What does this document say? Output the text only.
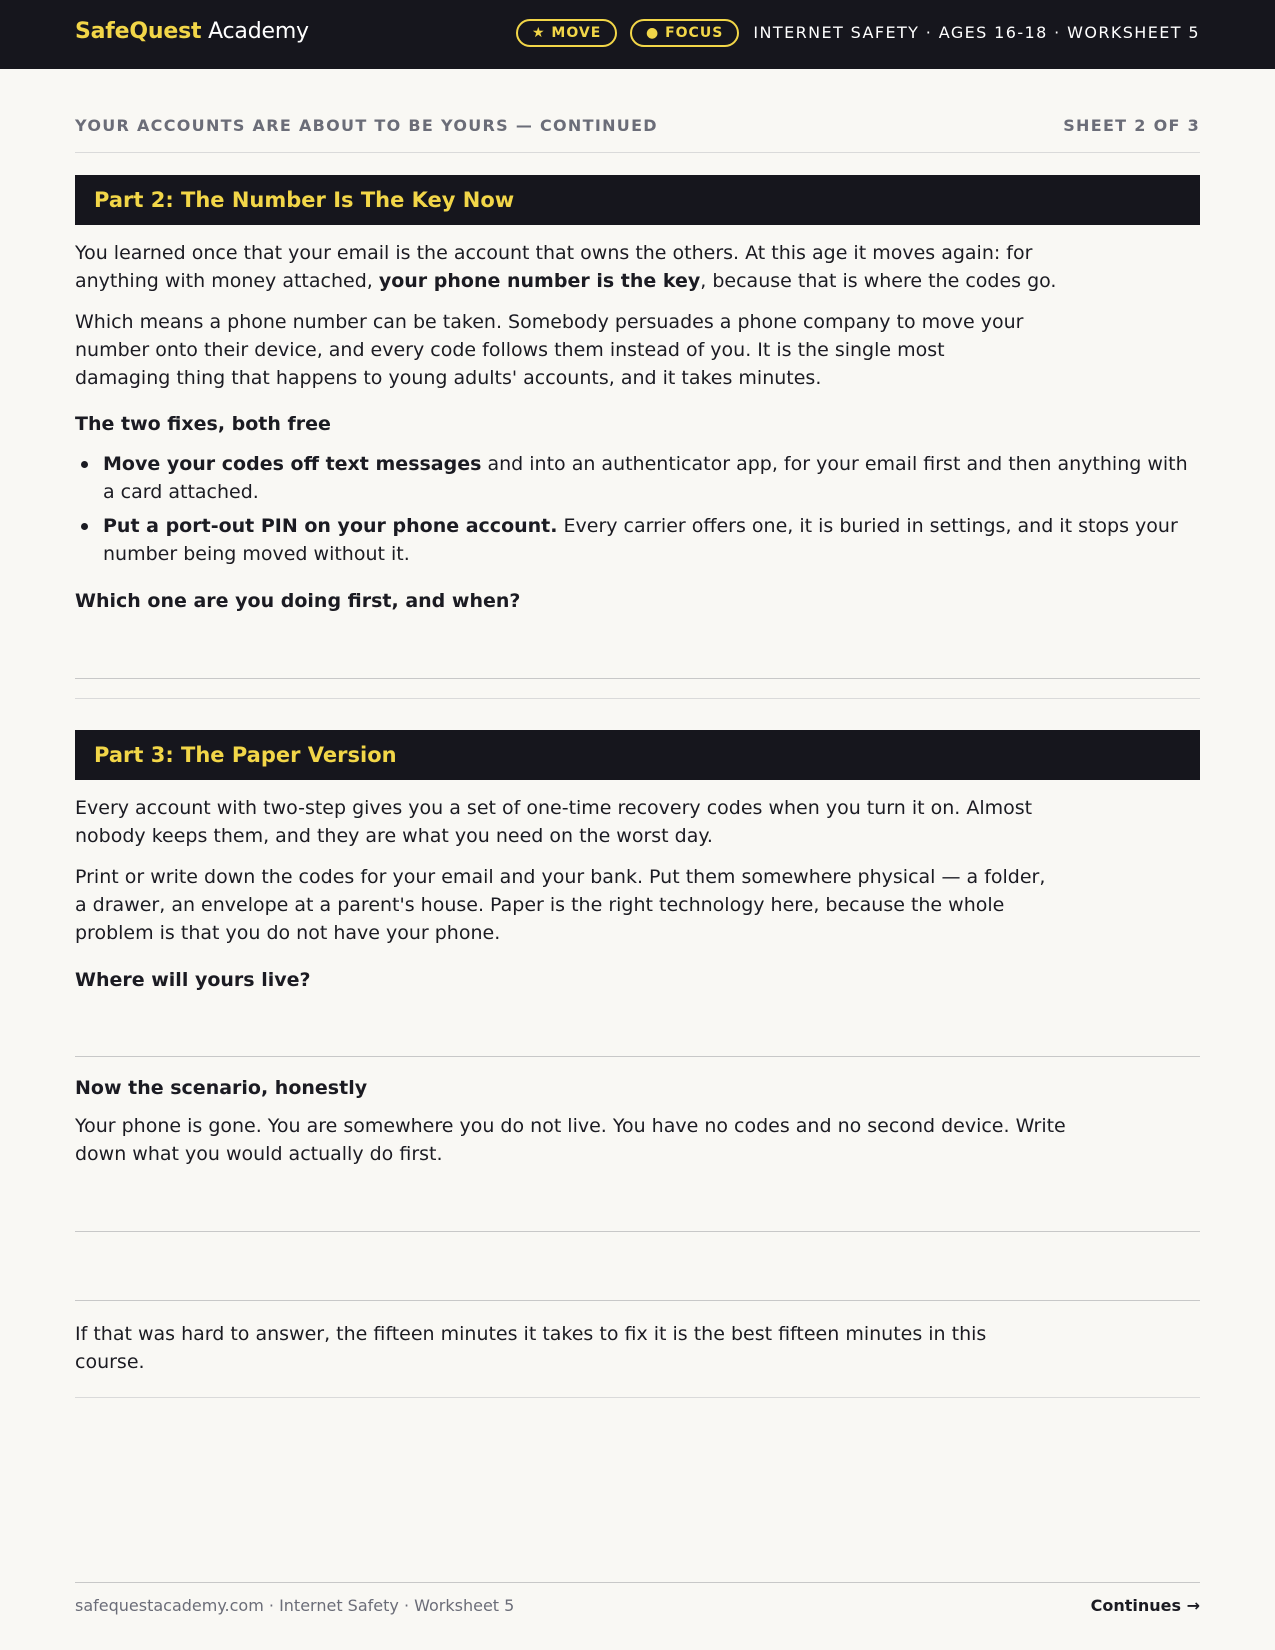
SafeQuest Academy	★ MOVE	● FOCUS	INTERNET SAFETY · AGES 16-18 · WORKSHEET 5
YOUR ACCOUNTS ARE ABOUT TO BE YOURS — CONTINUED	SHEET 2 OF 3
Part 2: The Number Is The Key Now

You learned once that your email is the account that owns the others. At this age it moves again: for anything with money attached, your phone number is the key, because that is where the codes go.

Which means a phone number can be taken. Somebody persuades a phone company to move your number onto their device, and every code follows them instead of you. It is the single most damaging thing that happens to young adults' accounts, and it takes minutes.

The two fixes, both free

Move your codes off text messages and into an authenticator app, for your email first and then anything with a card attached.
Put a port-out PIN on your phone account. Every carrier offers one, it is buried in settings, and it stops your number being moved without it.

Which one are you doing first, and when?

Part 3: The Paper Version

Every account with two-step gives you a set of one-time recovery codes when you turn it on. Almost nobody keeps them, and they are what you need on the worst day.

Print or write down the codes for your email and your bank. Put them somewhere physical — a folder, a drawer, an envelope at a parent's house. Paper is the right technology here, because the whole problem is that you do not have your phone.

Where will yours live?

Now the scenario, honestly

Your phone is gone. You are somewhere you do not live. You have no codes and no second device. Write down what you would actually do first.

If that was hard to answer, the fifteen minutes it takes to fix it is the best fifteen minutes in this course.

safequestacademy.com · Internet Safety · Worksheet 5	Continues →
